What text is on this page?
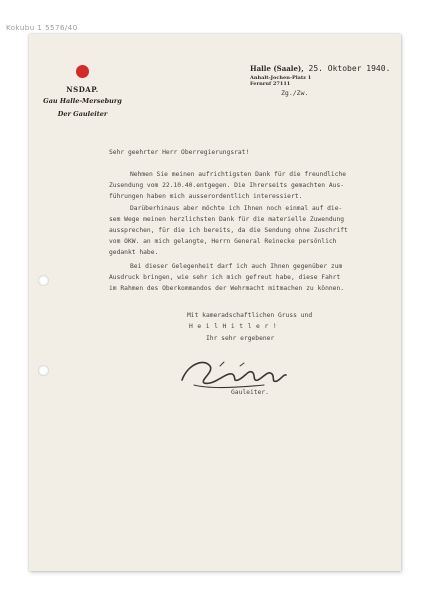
Kokubu 1 5576/40
NSDAP.
Gau Halle-Merseburg
Der Gauleiter
Halle (Saale), 25. Oktober 1940.
Anhalt-Jochen-Platz 1
Fernruf 27111
Zg./Zw.
Sehr geehrter Herr Oberregierungsrat!
Nehmen Sie meinen aufrichtigsten Dank für die freundliche
Zusendung vom 22.10.40.entgegen. Die Ihrerseits gemachten Aus-
führungen haben mich ausserordentlich interessiert.
Darüberhinaus aber möchte ich Ihnen noch einmal auf die-
sem Wege meinen herzlichsten Dank für die materielle Zuwendung
aussprechen, für die ich bereits, da die Sendung ohne Zuschrift
vom OKW. an mich gelangte, Herrn General Reinecke persönlich
gedankt habe.
Bei dieser Gelegenheit darf ich auch Ihnen gegenüber zum
Ausdruck bringen, wie sehr ich mich gefreut habe, diese Fahrt
im Rahmen des Oberkommandos der Wehrmacht mitmachen zu können.
Mit kameradschaftlichen Gruss und
H e i l H i t l e r !
Ihr sehr ergebener
Gauleiter.
